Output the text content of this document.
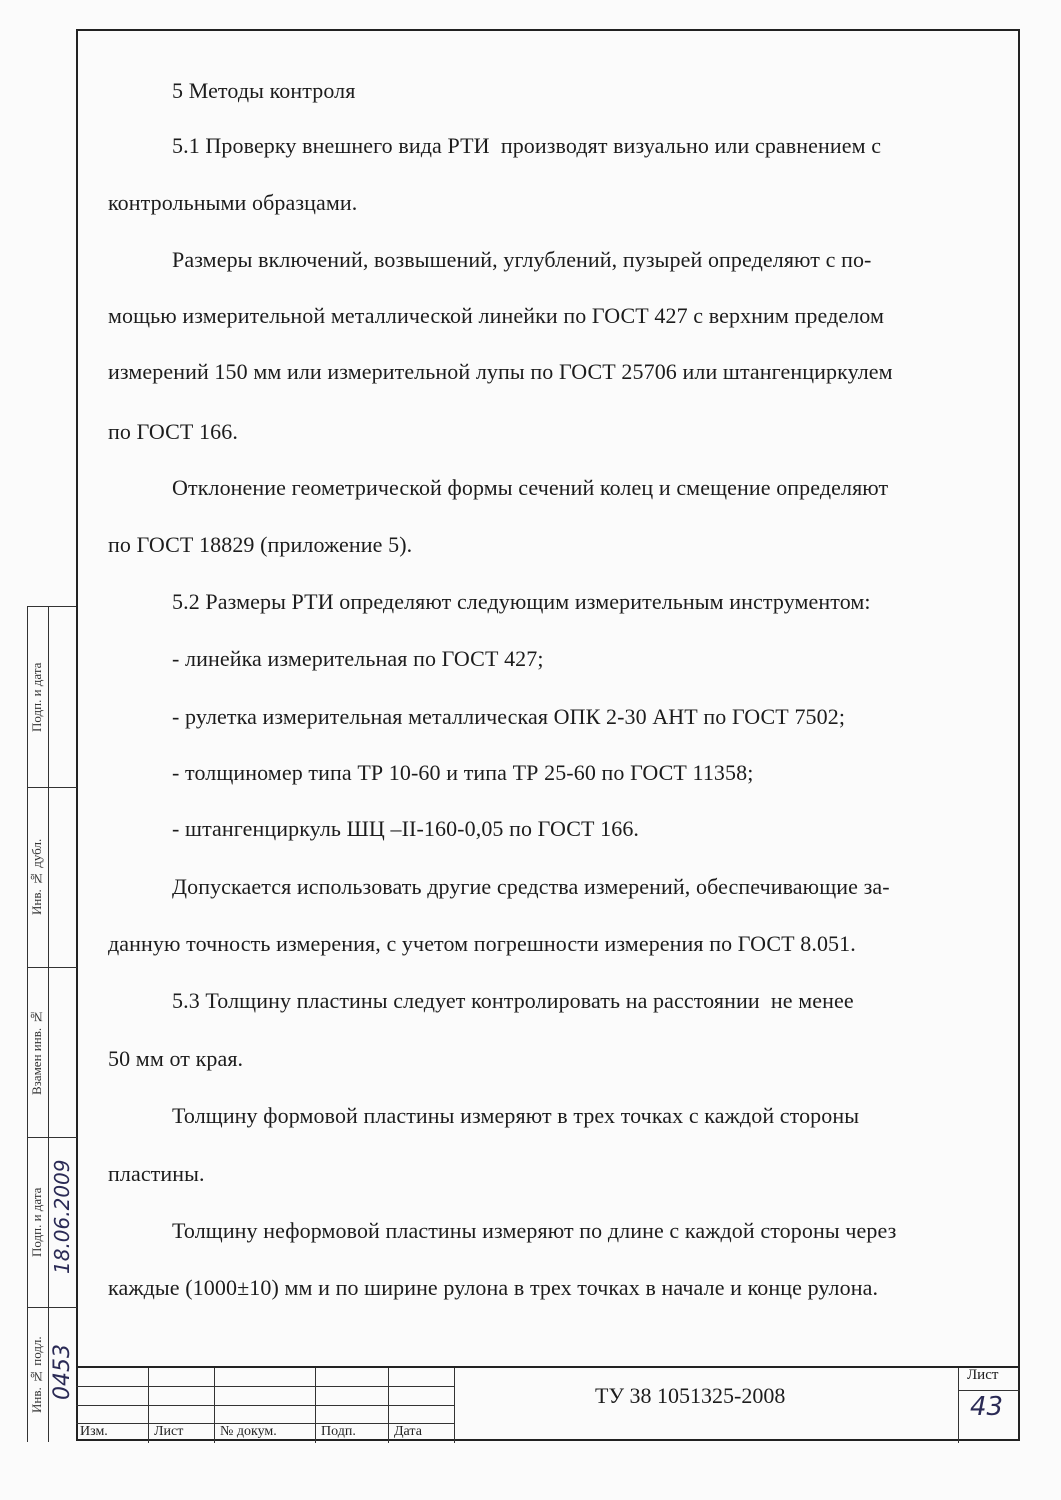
5 Методы контроля

5.1 Проверку внешнего вида РТИ  производят визуально или сравнением с

контрольными образцами.

Размеры включений, возвышений, углублений, пузырей определяют с по-

мощью измерительной металлической линейки по ГОСТ 427 с верхним пределом

измерений 150 мм или измерительной лупы по ГОСТ 25706 или штангенциркулем

по ГОСТ 166.

Отклонение геометрической формы сечений колец и смещение определяют

по ГОСТ 18829 (приложение 5).

5.2 Размеры РТИ определяют следующим измерительным инструментом:

- линейка измерительная по ГОСТ 427;

- рулетка измерительная металлическая ОПК 2-30 АНТ по ГОСТ 7502;

- толщиномер типа ТР 10-60 и типа ТР 25-60 по ГОСТ 11358;

- штангенциркуль ШЦ –II-160-0,05 по ГОСТ 166.

Допускается использовать другие средства измерений, обеспечивающие за-

данную точность измерения, с учетом погрешности измерения по ГОСТ 8.051.

5.3 Толщину пластины следует контролировать на расстоянии  не менее

50 мм от края.

Толщину формовой пластины измеряют в трех точках с каждой стороны

пластины.

Толщину неформовой пластины измеряют по длине с каждой стороны через

каждые (1000±10) мм и по ширине рулона в трех точках в начале и конце рулона.

Подп. и дата
Инв. № дубл.
Взамен инв. №
Подп. и дата
Инв. № подл.
18.06.2009
0453
Изм.	Лист	№ докум.	Подп.	Дата
ТУ 38 1051325-2008
Лист
43
